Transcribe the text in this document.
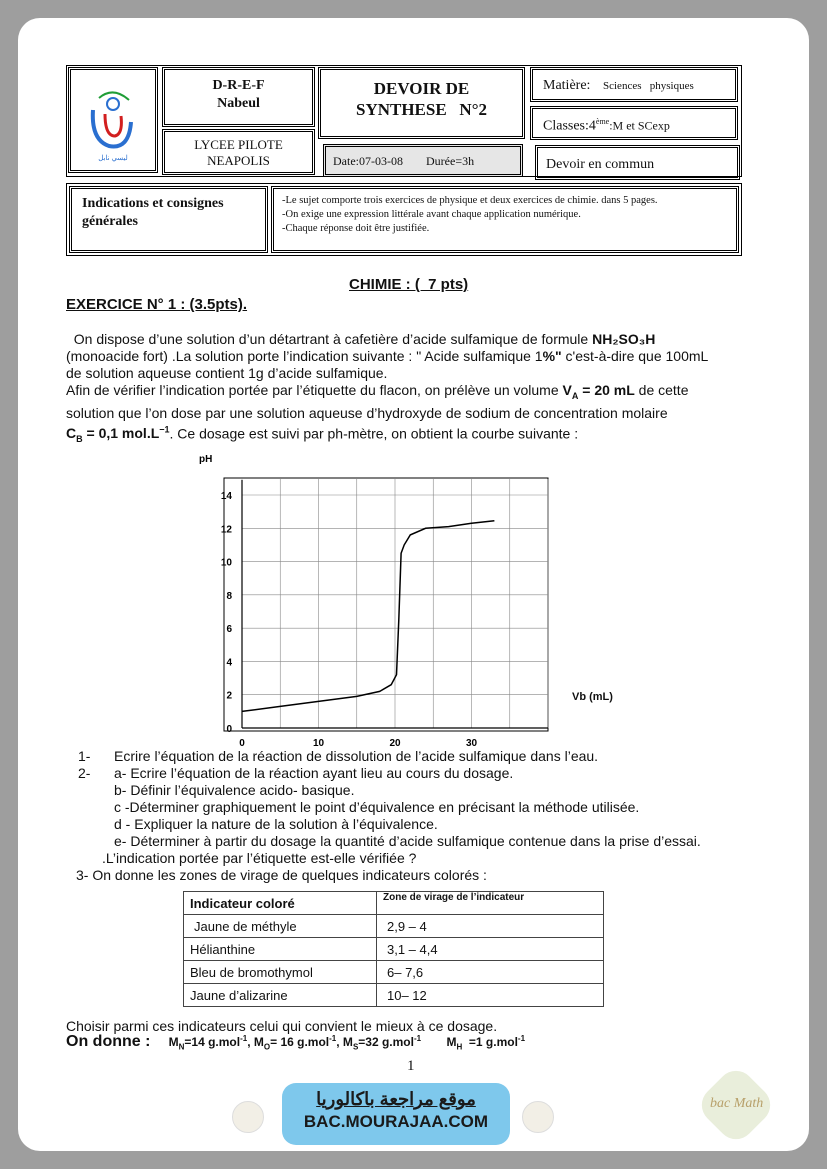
ليسي نابل
D-R-E-F
Nabeul
LYCEE PILOTE
NEAPOLIS
DEVOIR DE
SYNTHESE   N°2
Date:07-03-08 Durée=3h
Matière: Sciences   physiques
Classes:4ème:M et SCexp
Devoir en commun
Indications et consignes générales
-Le sujet comporte trois exercices de physique et deux exercices de chimie. dans 5 pages.
-On exige une expression littérale avant chaque application numérique.
-Chaque réponse doit être justifiée.
CHIMIE : (  7 pts)
EXERCICE N° 1 : (3.5pts).
On dispose d’une solution d’un détartrant à cafetière d’acide sulfamique de formule NH₂SO₃H
(monoacide fort) .La solution porte l’indication suivante : " Acide sulfamique 1%" c'est-à-dire que 100mL
de solution aqueuse contient 1g d’acide sulfamique.
Afin de vérifier l’indication portée par l’étiquette du flacon, on prélève un volume $V_A = 20$ mL de cette
solution que l’on dose par une solution aqueuse d’hydroxyde de sodium de concentration molaire
$C_B = 0,1$ $mol.L^{-1}$. Ce dosage est suivi par ph-mètre, on obtient la courbe suivante :
0
2
4
6
8
10
12
14
0	10	20	30
pH
Vb (mL)
1- Ecrire l’équation de la réaction de dissolution de l’acide sulfamique dans l’eau.
2- a- Ecrire l’équation de la réaction ayant lieu au cours du dosage.
b- Définir l’équivalence acido- basique.
c -Déterminer graphiquement le point d’équivalence en précisant la méthode utilisée.
d - Expliquer la nature de la solution à l’équivalence.
e- Déterminer à partir du dosage la quantité d’acide sulfamique contenue dans la prise d’essai.
.L’indication portée par l’étiquette est-elle vérifiée ?
3- On donne les zones de virage de quelques indicateurs colorés :
Indicateur coloré	Zone de virage de l’indicateur
Jaune de méthyle	2,9 – 4
Hélianthine	3,1 – 4,4
Bleu de bromothymol	6– 7,6
Jaune d’alizarine	10– 12
Choisir parmi ces indicateurs celui qui convient le mieux à ce dosage.
On donne : $M_N=14$ g.mol$^{-1}$, $M_O= 16$ g.mol$^{-1}$, $M_S=32$ g.mol$^{-1}$ $M_H =1$ g.mol$^{-1}$
1
موقع مراجعة باكالوريا
BAC.MOURAJAA.COM
bac Math
